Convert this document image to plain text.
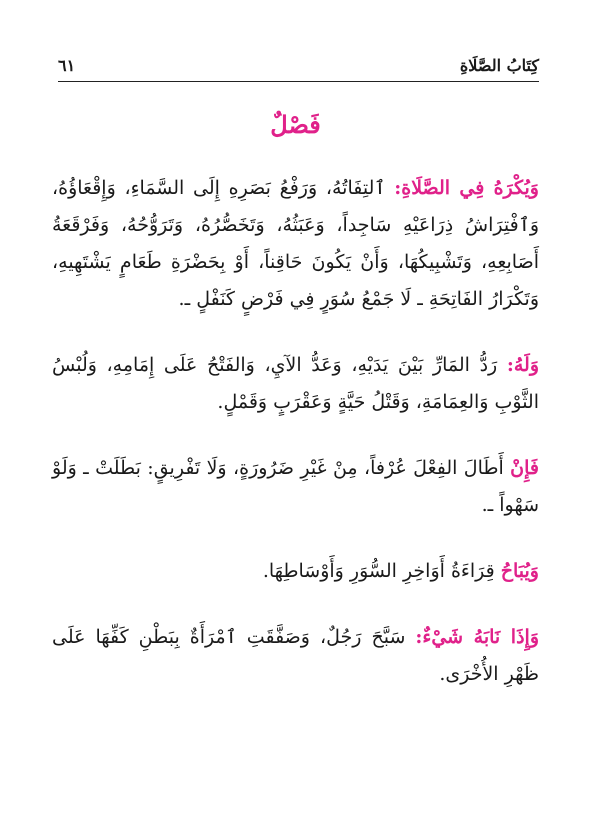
كِتَابُ الصَّلَاةِ
٦١
فَصْلٌ

وَيُكْرَهُ فِي الصَّلَاةِ: ٱلتِفَاتُهُ، وَرَفْعُ بَصَرِهِ إِلَى السَّمَاءِ، وَإِقْعَاؤُهُ، وَٱفْتِرَاشُ ذِرَاعَيْهِ سَاجِداً، وَعَبَثُهُ، وَتَخَصُّرُهُ، وَتَرَوُّحُهُ، وَفَرْقَعَةُ أَصَابِعِهِ، وَتَشْبِيكُهَا، وَأَنْ يَكُونَ حَاقِناً، أَوْ بِحَضْرَةِ طَعَامٍ يَشْتَهِيهِ، وَتَكْرَارُ الفَاتِحَةِ ـ لَا جَمْعُ سُوَرٍ فِي فَرْضٍ كَنَفْلٍ ـ.

وَلَهُ: رَدُّ المَارِّ بَيْنَ يَدَيْهِ، وَعَدُّ الآيِ، وَالفَتْحُ عَلَى إِمَامِهِ، وَلُبْسُ الثَّوْبِ وَالعِمَامَةِ، وَقَتْلُ حَيَّةٍ وَعَقْرَبٍ وَقَمْلٍ.

فَإِنْ أَطَالَ الفِعْلَ عُرْفاً، مِنْ غَيْرِ ضَرُورَةٍ، وَلَا تَفْرِيقٍ: بَطَلَتْ ـ وَلَوْ سَهْواً ـ.

وَيُبَاحُ قِرَاءَةُ أَوَاخِرِ السُّوَرِ وَأَوْسَاطِهَا.

وَإِذَا نَابَهُ شَيْءٌ: سَبَّحَ رَجُلٌ، وَصَفَّقَتِ ٱمْرَأَةٌ بِبَطْنِ كَفِّهَا عَلَى ظَهْرِ الأُخْرَى.
